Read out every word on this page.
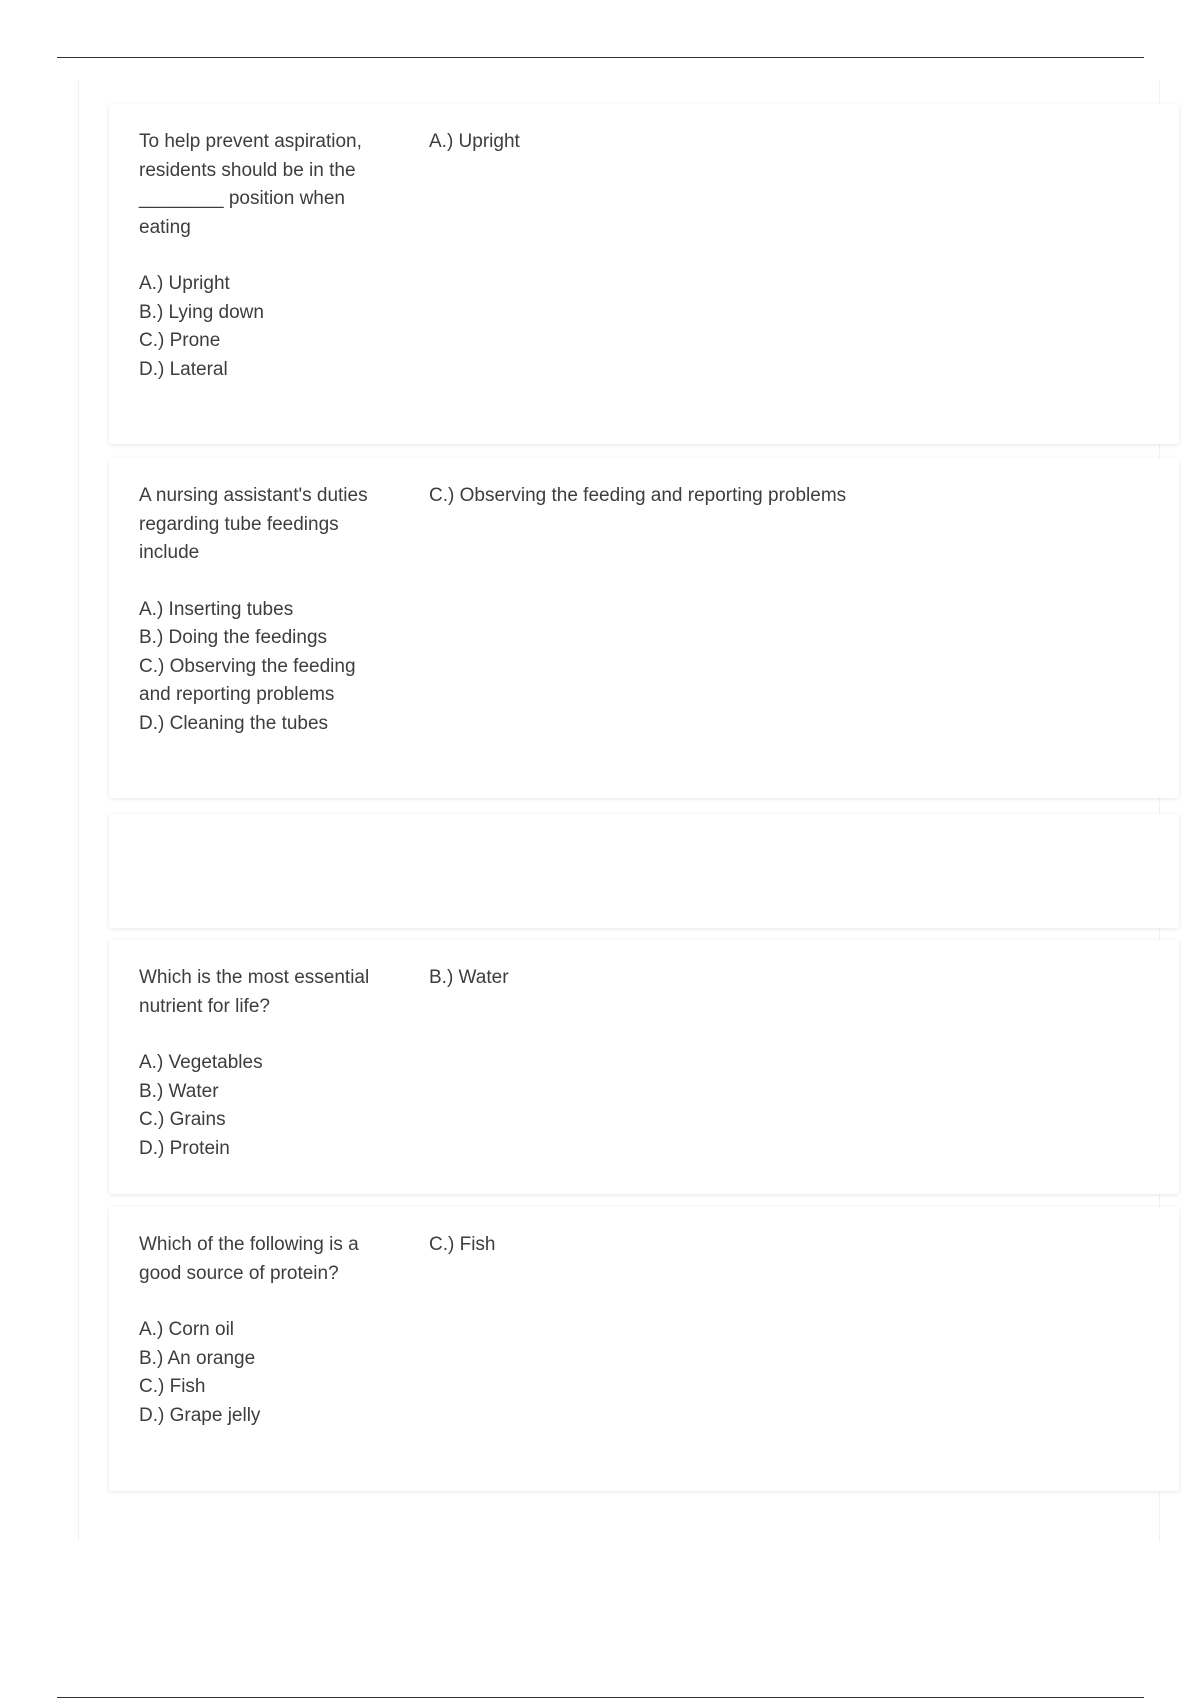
To help prevent aspiration, residents should be in the ________ position when eating

A.) Upright
B.) Lying down
C.) Prone
D.) Lateral
A.) Upright

A nursing assistant's duties regarding tube feedings include

A.) Inserting tubes
B.) Doing the feedings
C.) Observing the feeding and reporting problems
D.) Cleaning the tubes
C.) Observing the feeding and reporting problems

Which is the most essential nutrient for life?

A.) Vegetables
B.) Water
C.) Grains
D.) Protein
B.) Water

Which of the following is a good source of protein?

A.) Corn oil
B.) An orange
C.) Fish
D.) Grape jelly
C.) Fish
